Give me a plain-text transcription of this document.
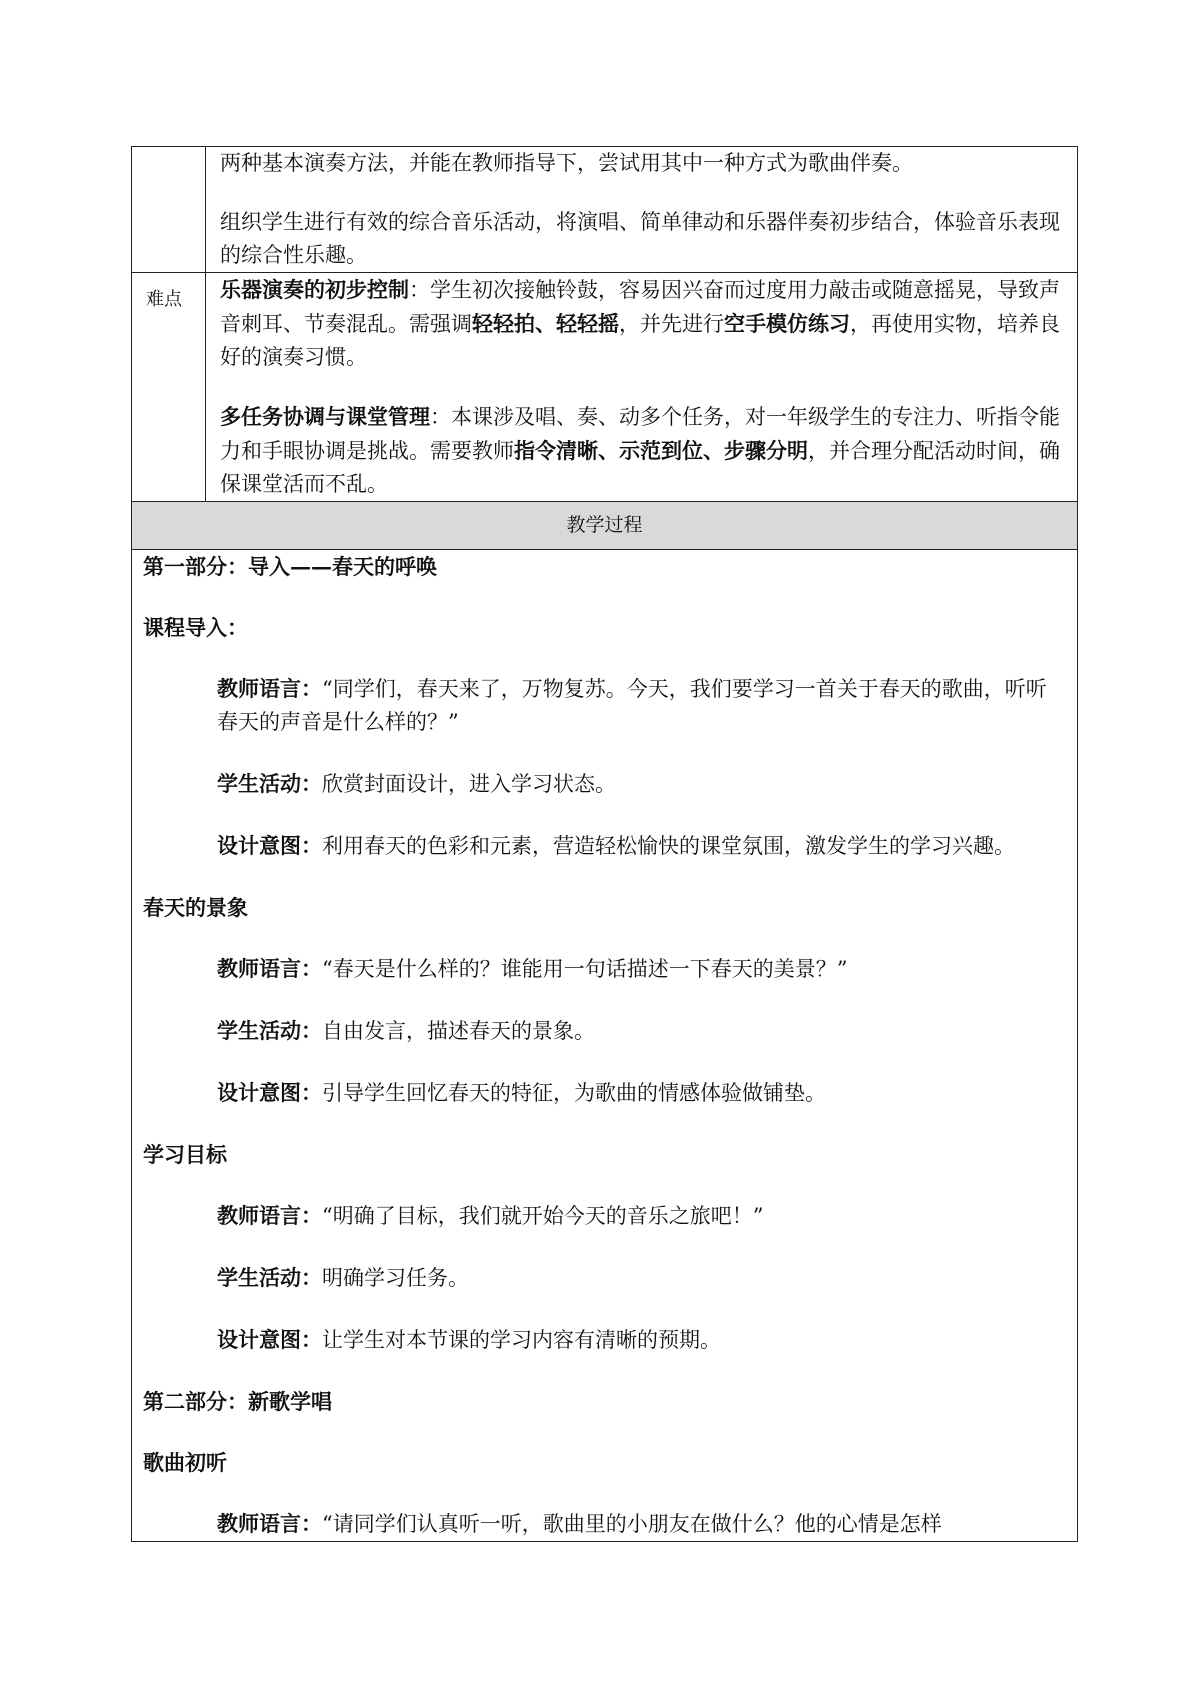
两种基本演奏方法，并能在教师指导下，尝试用其中一种方式为歌曲伴奏。

组织学生进行有效的综合音乐活动，将演唱、简单律动和乐器伴奏初步结合，体验音乐表现的综合性乐趣。

难点	乐器演奏的初步控制：学生初次接触铃鼓，容易因兴奋而过度用力敲击或随意摇晃，导致声音刺耳、节奏混乱。需强调轻轻拍、轻轻摇，并先进行空手模仿练习，再使用实物，培养良好的演奏习惯。

多任务协调与课堂管理：本课涉及唱、奏、动多个任务，对一年级学生的专注力、听指令能力和手眼协调是挑战。需要教师指令清晰、示范到位、步骤分明，并合理分配活动时间，确保课堂活而不乱。

教学过程

第一部分：导入——春天的呼唤

课程导入：

教师语言：“同学们，春天来了，万物复苏。今天，我们要学习一首关于春天的歌曲，听听春天的声音是什么样的？”

学生活动：欣赏封面设计，进入学习状态。

设计意图：利用春天的色彩和元素，营造轻松愉快的课堂氛围，激发学生的学习兴趣。

春天的景象

教师语言：“春天是什么样的？谁能用一句话描述一下春天的美景？”

学生活动：自由发言，描述春天的景象。

设计意图：引导学生回忆春天的特征，为歌曲的情感体验做铺垫。

学习目标

教师语言：“明确了目标，我们就开始今天的音乐之旅吧！”

学生活动：明确学习任务。

设计意图：让学生对本节课的学习内容有清晰的预期。

第二部分：新歌学唱

歌曲初听

教师语言：“请同学们认真听一听，歌曲里的小朋友在做什么？他的心情是怎样
